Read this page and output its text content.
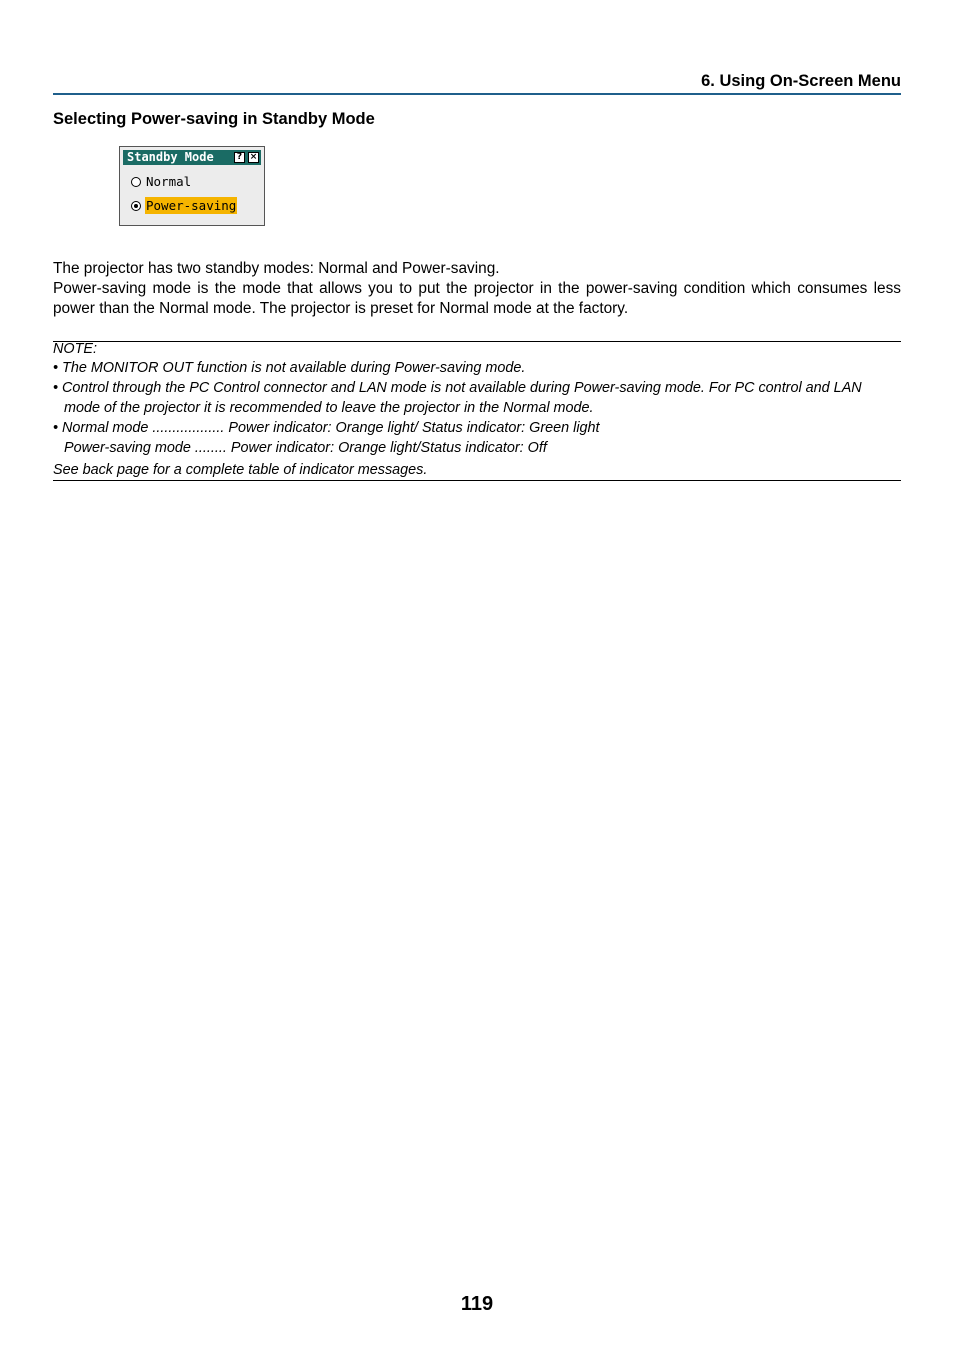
6. Using On-Screen Menu
Selecting Power-saving in Standby Mode
Standby Mode	? ×
Normal
Power-saving
The projector has two standby modes: Normal and Power-saving.
Power-saving mode is the mode that allows you to put the projector in the power-saving condition which consumes less power than the Normal mode. The projector is preset for Normal mode at the factory.
NOTE:
• The MONITOR OUT function is not available during Power-saving mode.
• Control through the PC Control connector and LAN mode is not available during Power-saving mode. For PC control and LAN
mode of the projector it is recommended to leave the projector in the Normal mode.
• Normal mode .................. Power indicator: Orange light/ Status indicator: Green light
Power-saving mode ........ Power indicator: Orange light/Status indicator: Off
See back page for a complete table of indicator messages.
119
